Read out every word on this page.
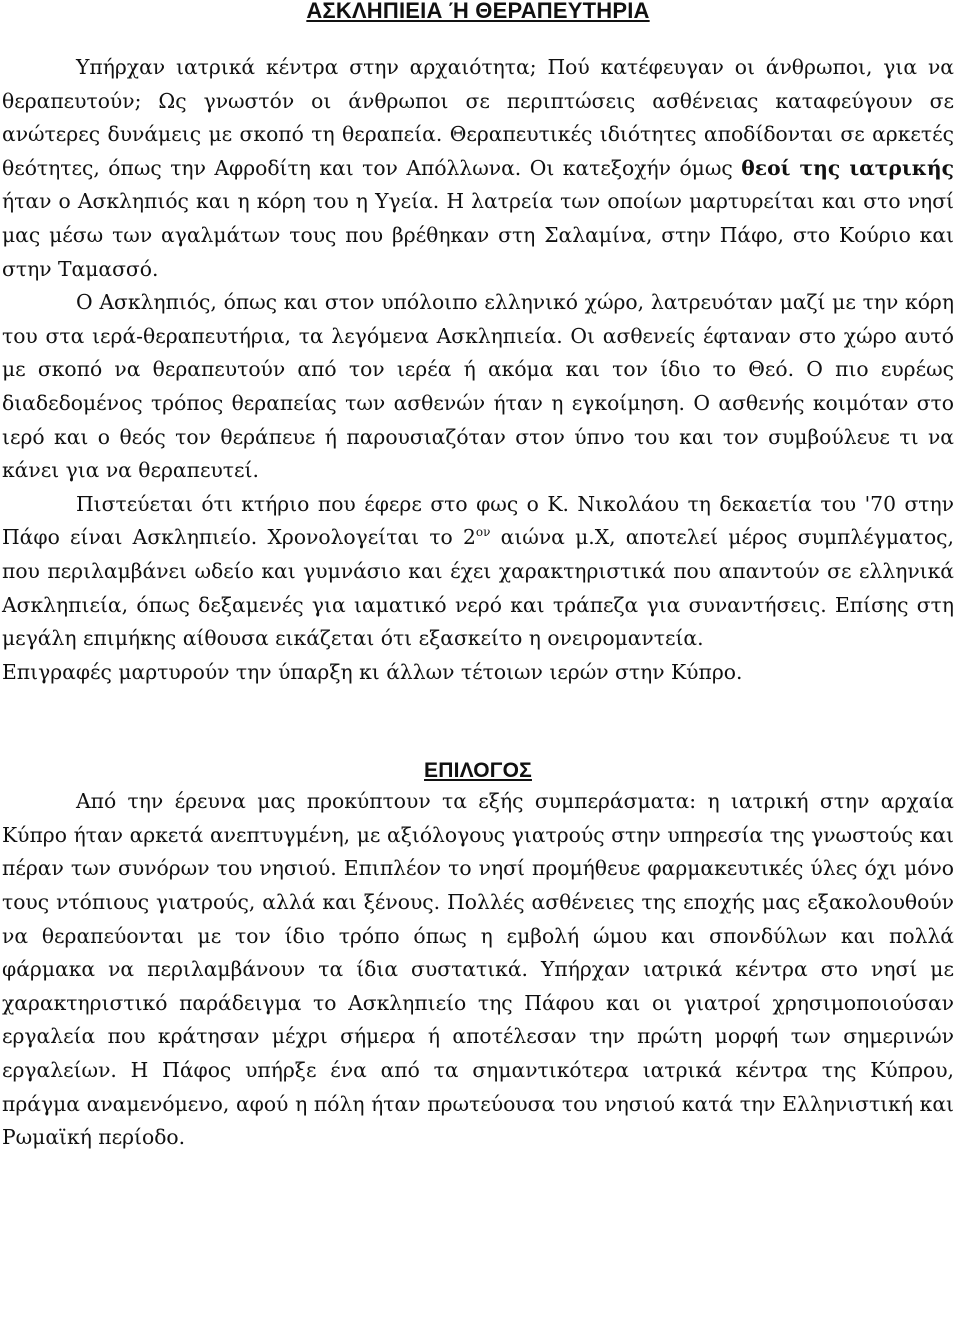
ΑΣΚΛΗΠΙΕΙΑ Ή ΘΕΡΑΠΕΥΤΗΡΙΑ

Υπήρχαν ιατρικά κέντρα στην αρχαιότητα; Πού κατέφευγαν οι άνθρωποι, για να θεραπευτούν; Ως γνωστόν οι άνθρωποι σε περιπτώσεις ασθένειας καταφεύγουν σε ανώτερες δυνάμεις με σκοπό τη θεραπεία. Θεραπευτικές ιδιότητες αποδίδονται σε αρκετές θεότητες, όπως την Αφροδίτη και τον Απόλλωνα. Οι κατεξοχήν όμως θεοί της ιατρικής ήταν ο Ασκληπιός και η κόρη του η Υγεία. Η λατρεία των οποίων μαρτυρείται και στο νησί μας μέσω των αγαλμάτων τους που βρέθηκαν στη Σαλαμίνα, στην Πάφο, στο Κούριο και στην Ταμασσό.

Ο Ασκληπιός, όπως και στον υπόλοιπο ελληνικό χώρο, λατρευόταν μαζί με την κόρη του στα ιερά-θεραπευτήρια, τα λεγόμενα Ασκληπιεία. Οι ασθενείς έφταναν στο χώρο αυτό με σκοπό να θεραπευτούν από τον ιερέα ή ακόμα και τον ίδιο το Θεό. Ο πιο ευρέως διαδεδομένος τρόπος θεραπείας των ασθενών ήταν η εγκοίμηση. Ο ασθενής κοιμόταν στο ιερό και ο θεός τον θεράπευε ή παρουσιαζόταν στον ύπνο του και τον συμβούλευε τι να κάνει για να θεραπευτεί.

Πιστεύεται ότι κτήριο που έφερε στο φως ο Κ. Νικολάου τη δεκαετία του '70 στην Πάφο είναι Ασκληπιείο. Χρονολογείται το $2^{o\nu}$ αιώνα μ.Χ, αποτελεί μέρος συμπλέγματος, που περιλαμβάνει ωδείο και γυμνάσιο και έχει χαρακτηριστικά που απαντούν σε ελληνικά Ασκληπιεία, όπως δεξαμενές για ιαματικό νερό και τράπεζα για συναντήσεις. Επίσης στη μεγάλη επιμήκης αίθουσα εικάζεται ότι εξασκείτο η ονειρομαντεία.

Επιγραφές μαρτυρούν την ύπαρξη κι άλλων τέτοιων ιερών στην Κύπρο.

ΕΠΙΛΟΓΟΣ

Από την έρευνα μας προκύπτουν τα εξής συμπεράσματα: η ιατρική στην αρχαία Κύπρο ήταν αρκετά ανεπτυγμένη, με αξιόλογους γιατρούς στην υπηρεσία της γνωστούς και πέραν των συνόρων του νησιού. Επιπλέον το νησί προμήθευε φαρμακευτικές ύλες όχι μόνο τους ντόπιους γιατρούς, αλλά και ξένους. Πολλές ασθένειες της εποχής μας εξακολουθούν να θεραπεύονται με τον ίδιο τρόπο όπως η εμβολή ώμου και σπονδύλων και πολλά φάρμακα να περιλαμβάνουν τα ίδια συστατικά. Υπήρχαν ιατρικά κέντρα στο νησί με χαρακτηριστικό παράδειγμα το Ασκληπιείο της Πάφου και οι γιατροί χρησιμοποιούσαν εργαλεία που κράτησαν μέχρι σήμερα ή αποτέλεσαν την πρώτη μορφή των σημερινών εργαλείων. Η Πάφος υπήρξε ένα από τα σημαντικότερα ιατρικά κέντρα της Κύπρου, πράγμα αναμενόμενο, αφού η πόλη ήταν πρωτεύουσα του νησιού κατά την Ελληνιστική και Ρωμαϊκή περίοδο.
